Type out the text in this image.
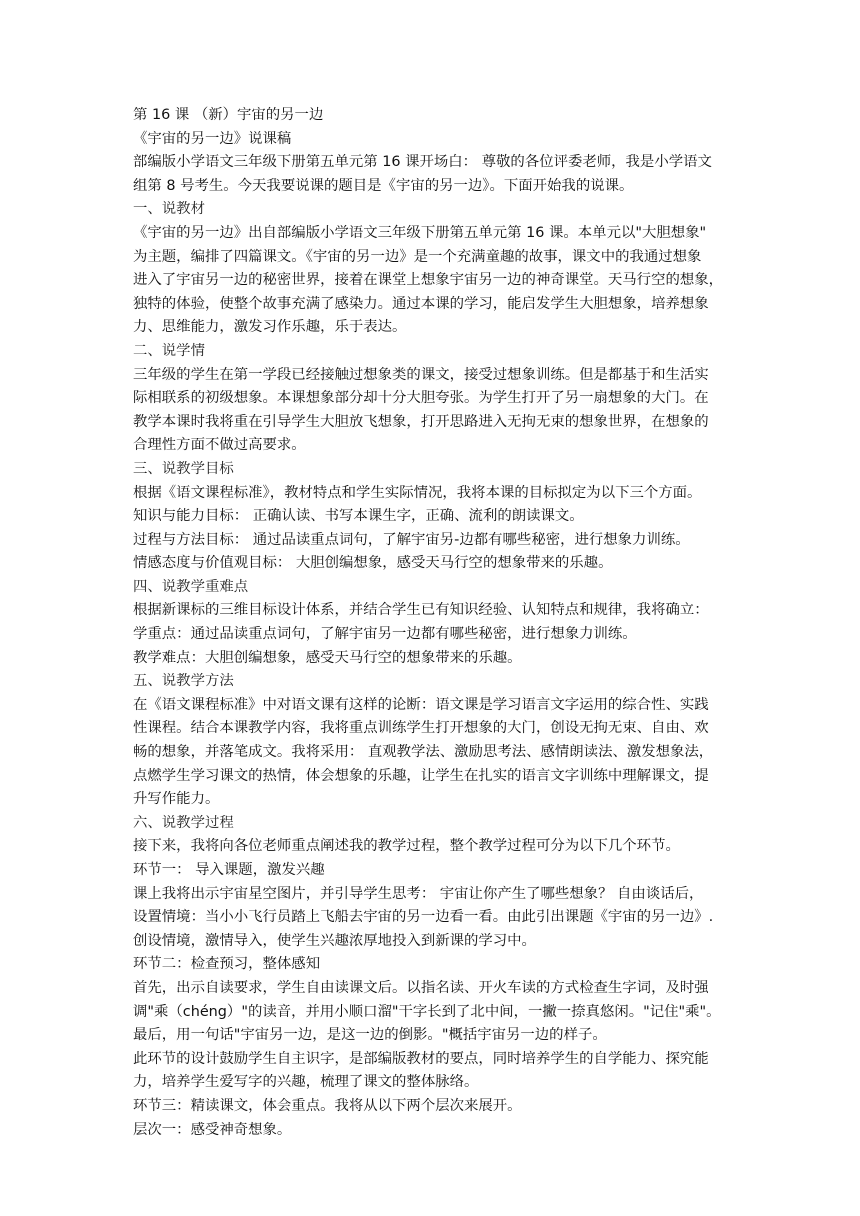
第 16 课 （新）宇宙的另一边
《宇宙的另一边》说课稿
部编版小学语文三年级下册第五单元第 16 课开场白： 尊敬的各位评委老师，我是小学语文
组第 8 号考生。今天我要说课的题目是《宇宙的另一边》。下面开始我的说课。
一、说教材
《宇宙的另一边》出自部编版小学语文三年级下册第五单元第 16 课。本单元以"大胆想象"
为主题，编排了四篇课文。《宇宙的另一边》是一个充满童趣的故事，课文中的我通过想象
进入了宇宙另一边的秘密世界，接着在课堂上想象宇宙另一边的神奇课堂。天马行空的想象，
独特的体验，使整个故事充满了感染力。通过本课的学习，能启发学生大胆想象，培养想象
力、思维能力，激发习作乐趣，乐于表达。
二、说学情
三年级的学生在第一学段已经接触过想象类的课文，接受过想象训练。但是都基于和生活实
际相联系的初级想象。本课想象部分却十分大胆夸张。为学生打开了另一扇想象的大门。在
教学本课时我将重在引导学生大胆放飞想象，打开思路进入无拘无束的想象世界，在想象的
合理性方面不做过高要求。
三、说教学目标
根据《语文课程标准》，教材特点和学生实际情况，我将本课的目标拟定为以下三个方面。
知识与能力目标： 正确认读、书写本课生字，正确、流利的朗读课文。
过程与方法目标： 通过品读重点词句，了解宇宙另-边都有哪些秘密，进行想象力训练。
情感态度与价值观目标： 大胆创编想象，感受天马行空的想象带来的乐趣。
四、说教学重难点
根据新课标的三维目标设计体系，并结合学生已有知识经验、认知特点和规律，我将确立：
学重点：通过品读重点词句，了解宇宙另一边都有哪些秘密，进行想象力训练。
教学难点：大胆创编想象，感受天马行空的想象带来的乐趣。
五、说教学方法
在《语文课程标准》中对语文课有这样的论断：语文课是学习语言文字运用的综合性、实践
性课程。结合本课教学内容，我将重点训练学生打开想象的大门，创设无拘无束、自由、欢
畅的想象，并落笔成文。我将采用： 直观教学法、激励思考法、感情朗读法、激发想象法，
点燃学生学习课文的热情，体会想象的乐趣，让学生在扎实的语言文字训练中理解课文，提
升写作能力。
六、说教学过程
接下来，我将向各位老师重点阐述我的教学过程，整个教学过程可分为以下几个环节。
环节一： 导入课题，激发兴趣
课上我将出示宇宙星空图片，并引导学生思考： 宇宙让你产生了哪些想象？ 自由谈话后，
设置情境：当小小飞行员踏上飞船去宇宙的另一边看一看。由此引出课题《宇宙的另一边》.
创设情境，激情导入，使学生兴趣浓厚地投入到新课的学习中。
环节二：检查预习，整体感知
首先，出示自读要求，学生自由读课文后。以指名读、开火车读的方式检查生字词，及时强
调"乘（chéng）"的读音，并用小顺口溜"干字长到了北中间，一撇一捺真悠闲。"记住"乘"。
最后，用一句话"宇宙另一边，是这一边的倒影。"概括宇宙另一边的样子。
此环节的设计鼓励学生自主识字，是部编版教材的要点，同时培养学生的自学能力、探究能
力，培养学生爱写字的兴趣，梳理了课文的整体脉络。
环节三：精读课文，体会重点。我将从以下两个层次来展开。
层次一：感受神奇想象。
